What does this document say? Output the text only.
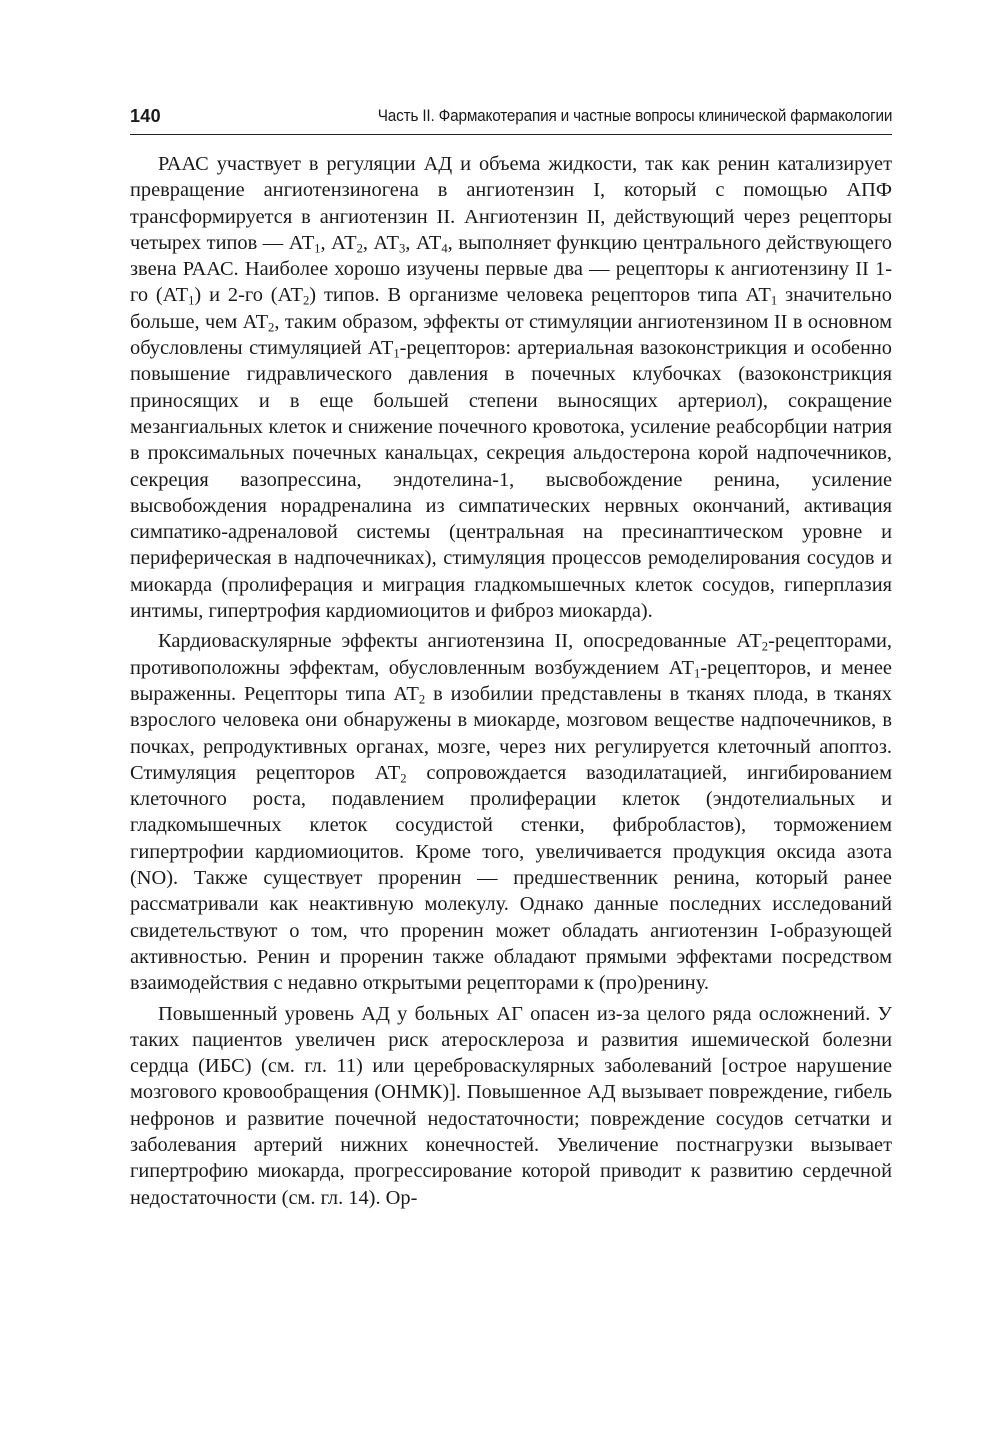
140	Часть II. Фармакотерапия и частные вопросы клинической фармакологии

РААС участвует в регуляции АД и объема жидкости, так как ренин катализирует превращение ангиотензиногена в ангиотензин I, который с помощью АПФ трансформируется в ангиотензин II. Ангиотензин II, действующий через рецепторы четырех типов — $АТ_1$, $АТ_2$, $АТ_3$, $АТ_4$, выполняет функцию центрального действующего звена РААС. Наиболее хорошо изучены первые два — рецепторы к ангиотензину II 1-го $(АТ_1)$ и 2-го $(АТ_2)$ типов. В организме человека рецепторов типа $АТ_1$ значительно больше, чем $АТ_2$, таким образом, эффекты от стимуляции ангиотензином II в основном обусловлены стимуляцией $АТ_1$-рецепторов: артериальная вазоконстрикция и особенно повышение гидравлического давления в почечных клубочках (вазоконстрикция приносящих и в еще большей степени выносящих артериол), сокращение мезангиальных клеток и снижение почечного кровотока, усиление реабсорбции натрия в проксимальных почечных канальцах, секреция альдостерона корой надпочечников, секреция вазопрессина, эндотелина-1, высвобождение ренина, усиление высвобождения норадреналина из симпатических нервных окончаний, активация симпатико-адреналовой системы (центральная на пресинаптическом уровне и периферическая в надпочечниках), стимуляция процессов ремоделирования сосудов и миокарда (пролиферация и миграция гладкомышечных клеток сосудов, гиперплазия интимы, гипертрофия кардиомиоцитов и фиброз миокарда).

Кардиоваскулярные эффекты ангиотензина II, опосредованные $АТ_2$-рецепторами, противоположны эффектам, обусловленным возбуждением $АТ_1$-рецепторов, и менее выраженны. Рецепторы типа $АТ_2$ в изобилии представлены в тканях плода, в тканях взрослого человека они обнаружены в миокарде, мозговом веществе надпочечников, в почках, репродуктивных органах, мозге, через них регулируется клеточный апоптоз. Стимуляция рецепторов $АТ_2$ сопровождается вазодилатацией, ингибированием клеточного роста, подавлением пролиферации клеток (эндотелиальных и гладкомышечных клеток сосудистой стенки, фибробластов), торможением гипертрофии кардиомиоцитов. Кроме того, увеличивается продукция оксида азота (NO). Также существует проренин — предшественник ренина, который ранее рассматривали как неактивную молекулу. Однако данные последних исследований свидетельствуют о том, что проренин может обладать ангиотензин I-образующей активностью. Ренин и проренин также обладают прямыми эффектами посредством взаимодействия с недавно открытыми рецепторами к (про)ренину.

Повышенный уровень АД у больных АГ опасен из-за целого ряда осложнений. У таких пациентов увеличен риск атеросклероза и развития ишемической болезни сердца (ИБС) (см. гл. 11) или цереброваскулярных заболеваний [острое нарушение мозгового кровообращения (ОНМК)]. Повышенное АД вызывает повреждение, гибель нефронов и развитие почечной недостаточности; повреждение сосудов сетчатки и заболевания артерий нижних конечностей. Увеличение постнагрузки вызывает гипертрофию миокарда, прогрессирование которой приводит к развитию сердечной недостаточности (см. гл. 14). Ор-
